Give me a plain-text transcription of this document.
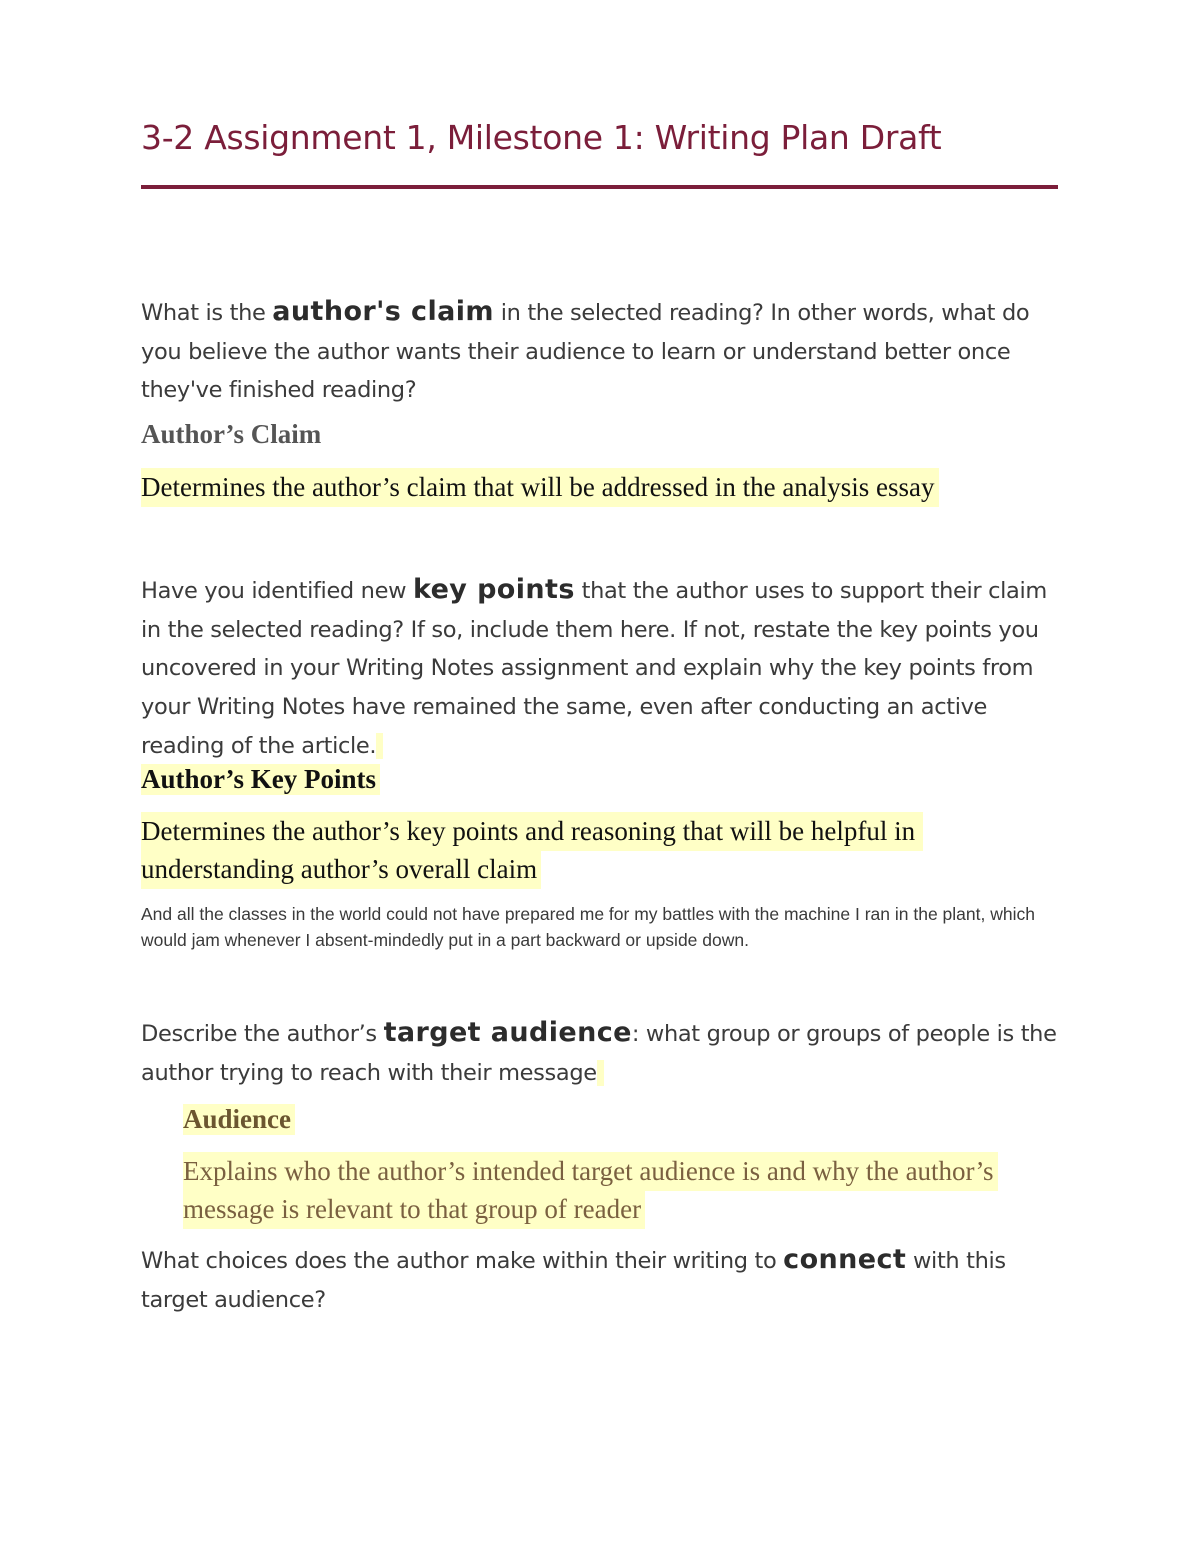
3-2 Assignment 1, Milestone 1: Writing Plan Draft
What is the author's claim in the selected reading? In other words, what do you believe the author wants their audience to learn or understand better once they've finished reading?
Author’s Claim
Determines the author’s claim that will be addressed in the analysis essay
Have you identified new key points that the author uses to support their claim in the selected reading? If so, include them here. If not, restate the key points you uncovered in your Writing Notes assignment and explain why the key points from your Writing Notes have remained the same, even after conducting an active reading of the article.
Author’s Key Points
Determines the author’s key points and reasoning that will be helpful in
understanding author’s overall claim
And all the classes in the world could not have prepared me for my battles with the machine I ran in the plant, which would jam whenever I absent-mindedly put in a part backward or upside down.
Describe the author’s target audience: what group or groups of people is the author trying to reach with their message
Audience
Explains who the author’s intended target audience is and why the author’s
message is relevant to that group of reader
What choices does the author make within their writing to connect with this target audience?
